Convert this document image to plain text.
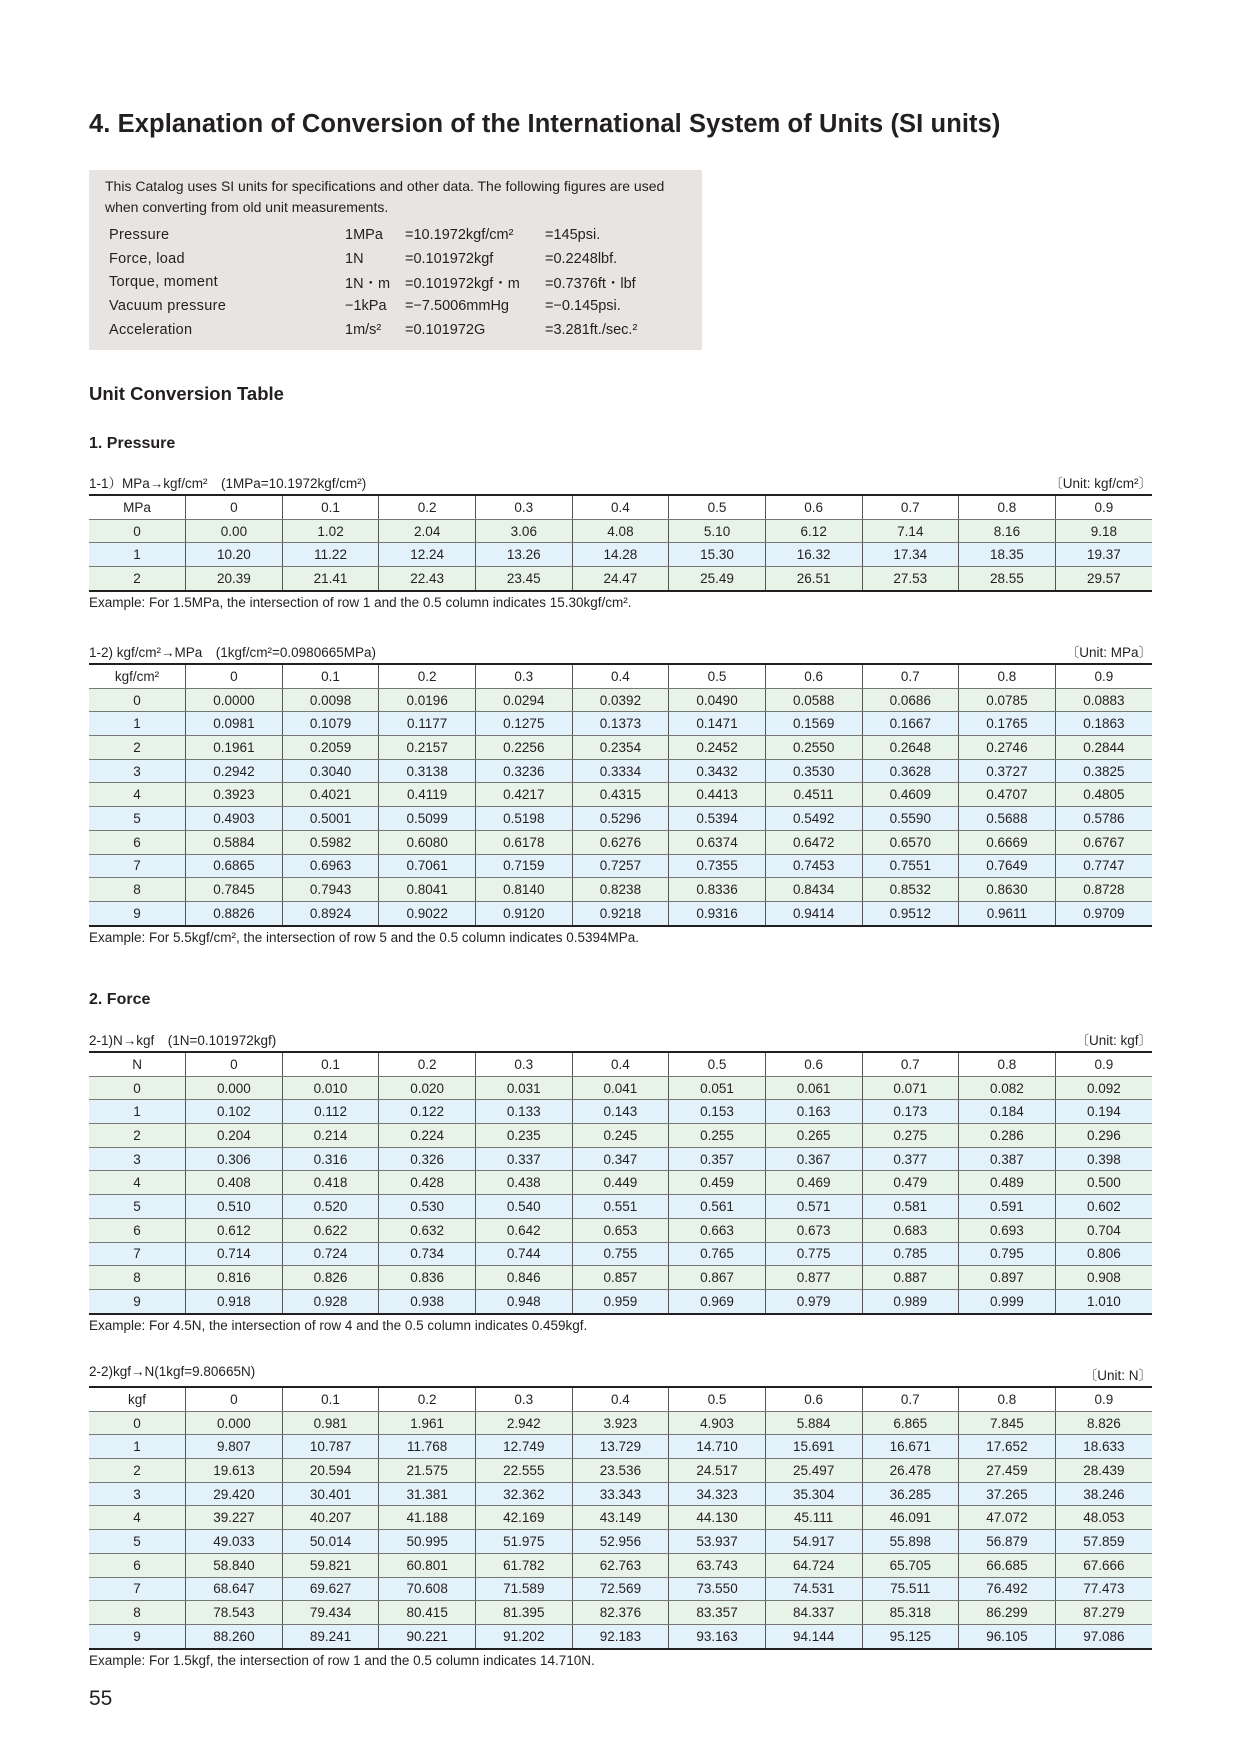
4. Explanation of Conversion of the International System of Units (SI units)
This Catalog uses SI units for specifications and other data. The following figures are used when converting from old unit measurements.
Pressure	1MPa	=10.1972kgf/cm²	=145psi.
Force, load	1N	=0.101972kgf	=0.2248lbf.
Torque, moment	1N・m	=0.101972kgf・m	=0.7376ft・lbf
Vacuum pressure	−1kPa	=−7.5006mmHg	=−0.145psi.
Acceleration	1m/s²	=0.101972G	=3.281ft./sec.²
Unit Conversion Table
1. Pressure
1-1）MPa→kgf/cm²　(1MPa=10.1972kgf/cm²)	〔Unit: kgf/cm²〕
MPa	0	0.1	0.2	0.3	0.4	0.5	0.6	0.7	0.8	0.9
0	0.00	1.02	2.04	3.06	4.08	5.10	6.12	7.14	8.16	9.18
1	10.20	11.22	12.24	13.26	14.28	15.30	16.32	17.34	18.35	19.37
2	20.39	21.41	22.43	23.45	24.47	25.49	26.51	27.53	28.55	29.57
Example: For 1.5MPa, the intersection of row 1 and the 0.5 column indicates 15.30kgf/cm².
1-2) kgf/cm²→MPa　(1kgf/cm²=0.0980665MPa)	〔Unit: MPa〕
kgf/cm²	0	0.1	0.2	0.3	0.4	0.5	0.6	0.7	0.8	0.9
0	0.0000	0.0098	0.0196	0.0294	0.0392	0.0490	0.0588	0.0686	0.0785	0.0883
1	0.0981	0.1079	0.1177	0.1275	0.1373	0.1471	0.1569	0.1667	0.1765	0.1863
2	0.1961	0.2059	0.2157	0.2256	0.2354	0.2452	0.2550	0.2648	0.2746	0.2844
3	0.2942	0.3040	0.3138	0.3236	0.3334	0.3432	0.3530	0.3628	0.3727	0.3825
4	0.3923	0.4021	0.4119	0.4217	0.4315	0.4413	0.4511	0.4609	0.4707	0.4805
5	0.4903	0.5001	0.5099	0.5198	0.5296	0.5394	0.5492	0.5590	0.5688	0.5786
6	0.5884	0.5982	0.6080	0.6178	0.6276	0.6374	0.6472	0.6570	0.6669	0.6767
7	0.6865	0.6963	0.7061	0.7159	0.7257	0.7355	0.7453	0.7551	0.7649	0.7747
8	0.7845	0.7943	0.8041	0.8140	0.8238	0.8336	0.8434	0.8532	0.8630	0.8728
9	0.8826	0.8924	0.9022	0.9120	0.9218	0.9316	0.9414	0.9512	0.9611	0.9709
Example: For 5.5kgf/cm², the intersection of row 5 and the 0.5 column indicates 0.5394MPa.
2. Force
2-1)N→kgf　(1N=0.101972kgf)	〔Unit: kgf〕
N	0	0.1	0.2	0.3	0.4	0.5	0.6	0.7	0.8	0.9
0	0.000	0.010	0.020	0.031	0.041	0.051	0.061	0.071	0.082	0.092
1	0.102	0.112	0.122	0.133	0.143	0.153	0.163	0.173	0.184	0.194
2	0.204	0.214	0.224	0.235	0.245	0.255	0.265	0.275	0.286	0.296
3	0.306	0.316	0.326	0.337	0.347	0.357	0.367	0.377	0.387	0.398
4	0.408	0.418	0.428	0.438	0.449	0.459	0.469	0.479	0.489	0.500
5	0.510	0.520	0.530	0.540	0.551	0.561	0.571	0.581	0.591	0.602
6	0.612	0.622	0.632	0.642	0.653	0.663	0.673	0.683	0.693	0.704
7	0.714	0.724	0.734	0.744	0.755	0.765	0.775	0.785	0.795	0.806
8	0.816	0.826	0.836	0.846	0.857	0.867	0.877	0.887	0.897	0.908
9	0.918	0.928	0.938	0.948	0.959	0.969	0.979	0.989	0.999	1.010
Example: For 4.5N, the intersection of row 4 and the 0.5 column indicates 0.459kgf.
2-2)kgf→N(1kgf=9.80665N)	〔Unit: N〕
kgf	0	0.1	0.2	0.3	0.4	0.5	0.6	0.7	0.8	0.9
0	0.000	0.981	1.961	2.942	3.923	4.903	5.884	6.865	7.845	8.826
1	9.807	10.787	11.768	12.749	13.729	14.710	15.691	16.671	17.652	18.633
2	19.613	20.594	21.575	22.555	23.536	24.517	25.497	26.478	27.459	28.439
3	29.420	30.401	31.381	32.362	33.343	34.323	35.304	36.285	37.265	38.246
4	39.227	40.207	41.188	42.169	43.149	44.130	45.111	46.091	47.072	48.053
5	49.033	50.014	50.995	51.975	52.956	53.937	54.917	55.898	56.879	57.859
6	58.840	59.821	60.801	61.782	62.763	63.743	64.724	65.705	66.685	67.666
7	68.647	69.627	70.608	71.589	72.569	73.550	74.531	75.511	76.492	77.473
8	78.543	79.434	80.415	81.395	82.376	83.357	84.337	85.318	86.299	87.279
9	88.260	89.241	90.221	91.202	92.183	93.163	94.144	95.125	96.105	97.086
Example: For 1.5kgf, the intersection of row 1 and the 0.5 column indicates 14.710N.
55
